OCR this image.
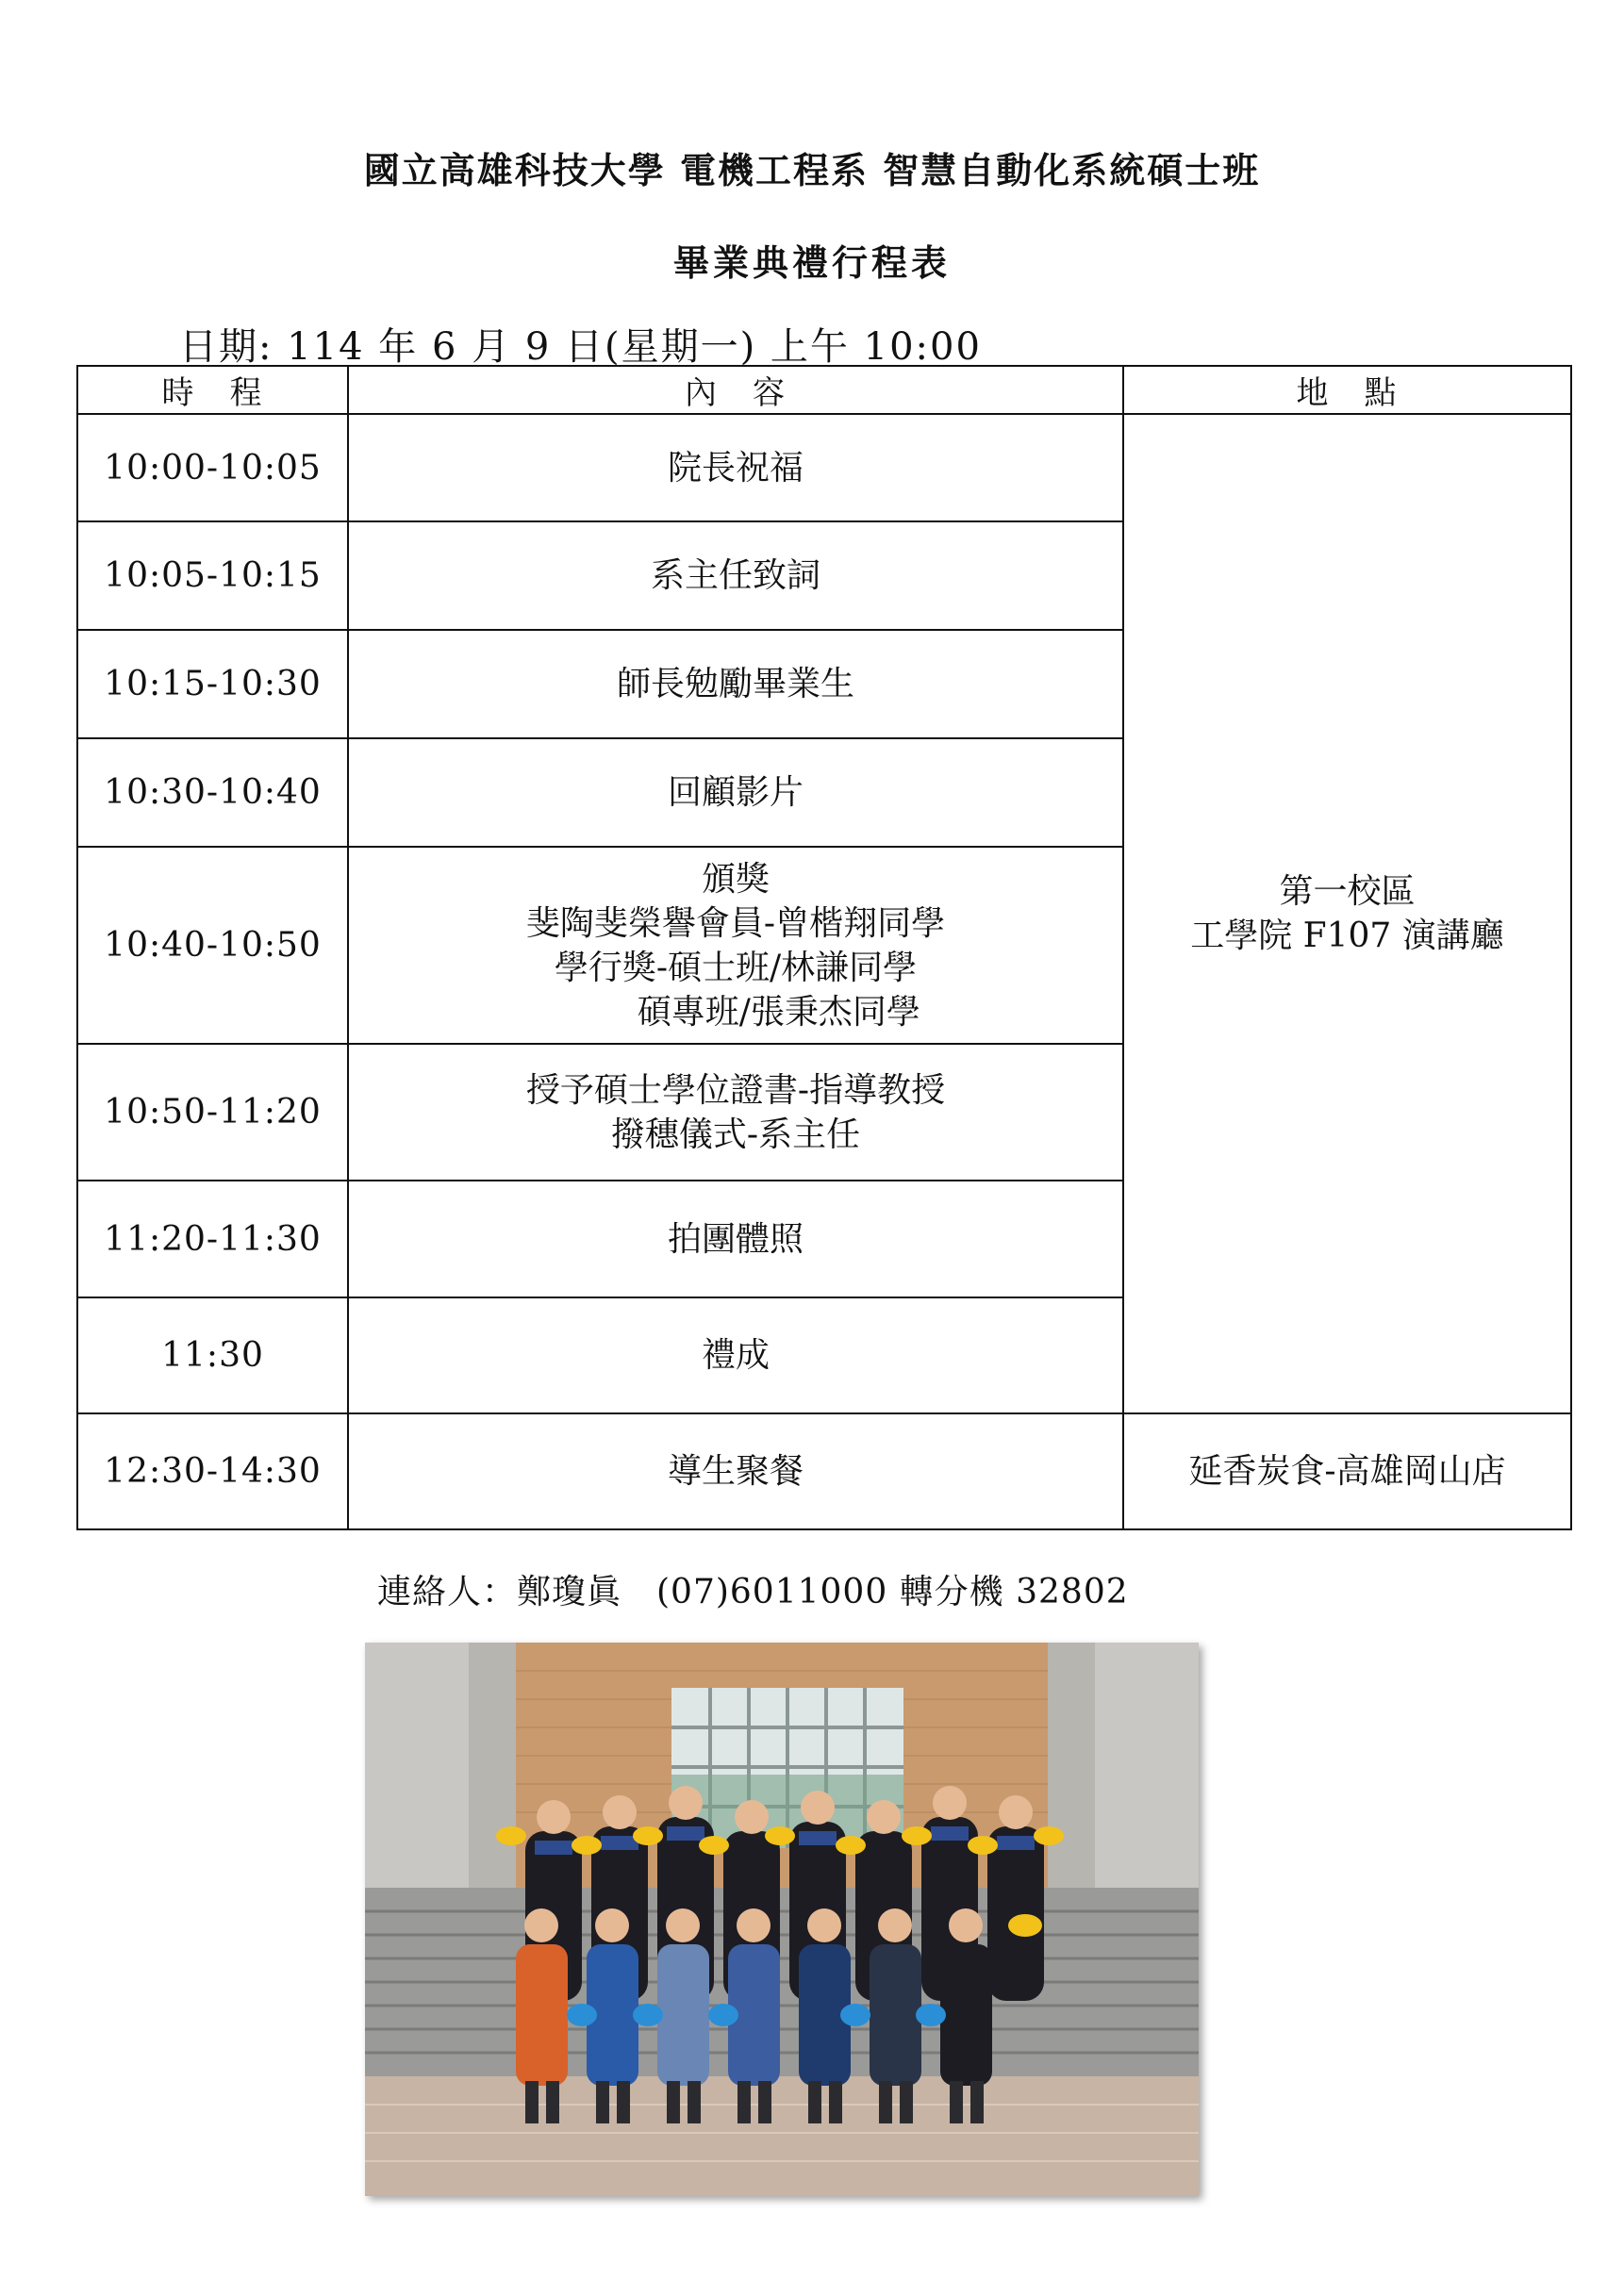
國立高雄科技大學 電機工程系 智慧自動化系統碩士班
畢業典禮行程表
日期: 114 年 6 月 9 日(星期一) 上午 10:00
時　程	內　容	地　點
10:00-10:05	院長祝福	第一校區
工學院 F107 演講廳

10:05-10:15	系主任致詞	
10:15-10:30	師長勉勵畢業生	
10:30-10:40	回顧影片	
10:40-10:50	頒獎
斐陶斐榮譽會員-曾楷翔同學
學行獎-碩士班/林謙同學
碩專班/張秉杰同學	

10:50-11:20	授予碩士學位證書-指導教授
撥穗儀式-系主任	

11:20-11:30	拍團體照	
11:30	禮成	
12:30-14:30	導生聚餐	延香炭食-高雄岡山店
連絡人：鄭瓊眞　(07)6011000 轉分機 32802
